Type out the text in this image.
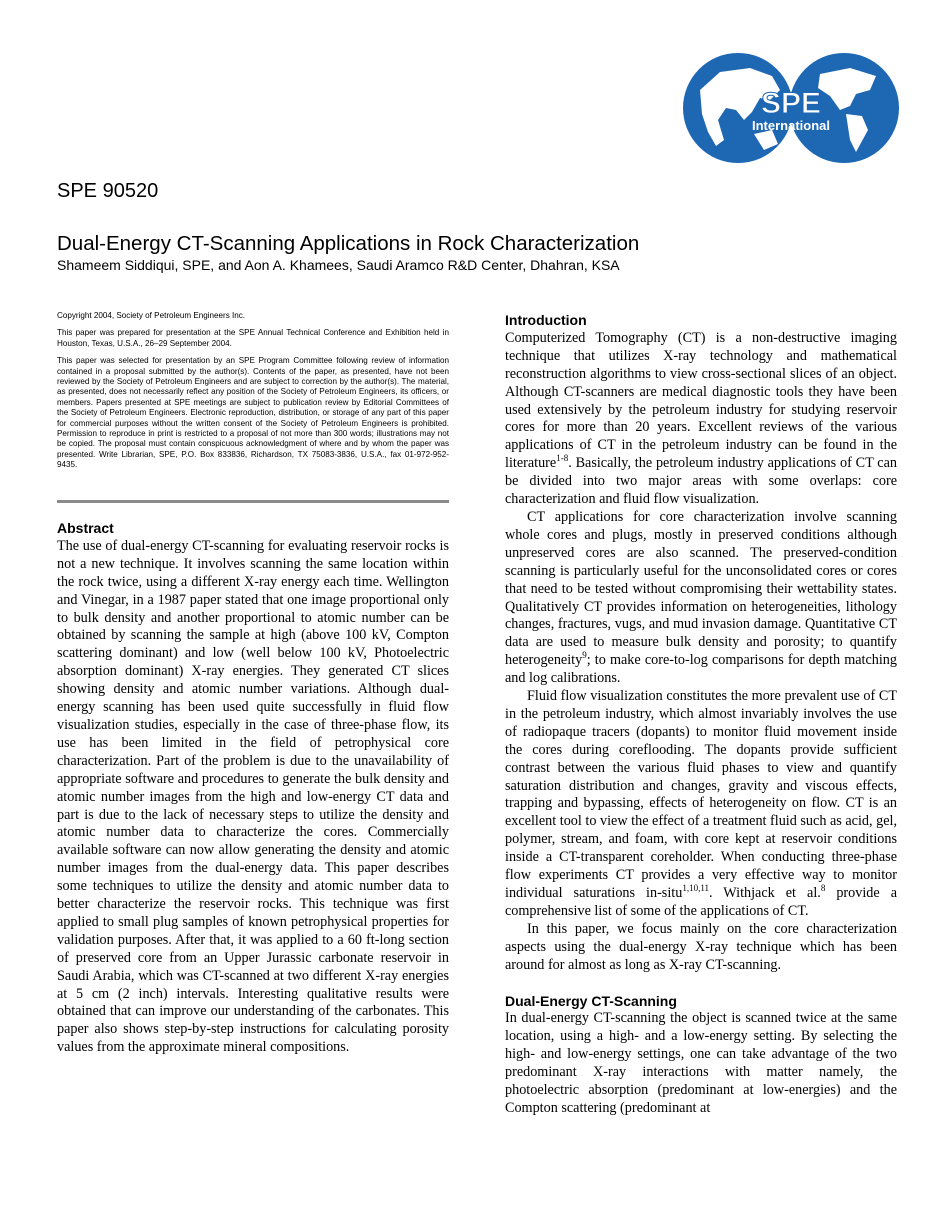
SPE
International
SPE 90520
Dual-Energy CT-Scanning Applications in Rock Characterization
Shameem Siddiqui, SPE, and Aon A. Khamees, Saudi Aramco R&D Center, Dhahran, KSA

Copyright 2004, Society of Petroleum Engineers Inc.

This paper was prepared for presentation at the SPE Annual Technical Conference and Exhibition held in Houston, Texas, U.S.A., 26–29 September 2004.

This paper was selected for presentation by an SPE Program Committee following review of information contained in a proposal submitted by the author(s). Contents of the paper, as presented, have not been reviewed by the Society of Petroleum Engineers and are subject to correction by the author(s). The material, as presented, does not necessarily reflect any position of the Society of Petroleum Engineers, its officers, or members. Papers presented at SPE meetings are subject to publication review by Editorial Committees of the Society of Petroleum Engineers. Electronic reproduction, distribution, or storage of any part of this paper for commercial purposes without the written consent of the Society of Petroleum Engineers is prohibited. Permission to reproduce in print is restricted to a proposal of not more than 300 words; illustrations may not be copied. The proposal must contain conspicuous acknowledgment of where and by whom the paper was presented. Write Librarian, SPE, P.O. Box 833836, Richardson, TX 75083-3836, U.S.A., fax 01-972-952-9435.

Abstract

The use of dual-energy CT-scanning for evaluating reservoir rocks is not a new technique. It involves scanning the same location within the rock twice, using a different X-ray energy each time. Wellington and Vinegar, in a 1987 paper stated that one image proportional only to bulk density and another proportional to atomic number can be obtained by scanning the sample at high (above 100 kV, Compton scattering dominant) and low (well below 100 kV, Photoelectric absorption dominant) X-ray energies. They generated CT slices showing density and atomic number variations. Although dual-energy scanning has been used quite successfully in fluid flow visualization studies, especially in the case of three-phase flow, its use has been limited in the field of petrophysical core characterization. Part of the problem is due to the unavailability of appropriate software and procedures to generate the bulk density and atomic number images from the high and low-energy CT data and part is due to the lack of necessary steps to utilize the density and atomic number data to characterize the cores. Commercially available software can now allow generating the density and atomic number images from the dual-energy data. This paper describes some techniques to utilize the density and atomic number data to better characterize the reservoir rocks. This technique was first applied to small plug samples of known petrophysical properties for validation purposes. After that, it was applied to a 60 ft-long section of preserved core from an Upper Jurassic carbonate reservoir in Saudi Arabia, which was CT-scanned at two different X-ray energies at 5 cm (2 inch) intervals. Interesting qualitative results were obtained that can improve our understanding of the carbonates. This paper also shows step-by-step instructions for calculating porosity values from the approximate mineral compositions.

Introduction

Computerized Tomography (CT) is a non-destructive imaging technique that utilizes X-ray technology and mathematical reconstruction algorithms to view cross-sectional slices of an object. Although CT-scanners are medical diagnostic tools they have been used extensively by the petroleum industry for studying reservoir cores for more than 20 years. Excellent reviews of the various applications of CT in the petroleum industry can be found in the literature$^{1-8}$. Basically, the petroleum industry applications of CT can be divided into two major areas with some overlaps: core characterization and fluid flow visualization.

CT applications for core characterization involve scanning whole cores and plugs, mostly in preserved conditions although unpreserved cores are also scanned. The preserved-condition scanning is particularly useful for the unconsolidated cores or cores that need to be tested without compromising their wettability states. Qualitatively CT provides information on heterogeneities, lithology changes, fractures, vugs, and mud invasion damage. Quantitative CT data are used to measure bulk density and porosity; to quantify heterogeneity$^9$; to make core-to-log comparisons for depth matching and log calibrations.

Fluid flow visualization constitutes the more prevalent use of CT in the petroleum industry, which almost invariably involves the use of radiopaque tracers (dopants) to monitor fluid movement inside the cores during coreflooding. The dopants provide sufficient contrast between the various fluid phases to view and quantify saturation distribution and changes, gravity and viscous effects, trapping and bypassing, effects of heterogeneity on flow. CT is an excellent tool to view the effect of a treatment fluid such as acid, gel, polymer, stream, and foam, with core kept at reservoir conditions inside a CT-transparent coreholder. When conducting three-phase flow experiments CT provides a very effective way to monitor individual saturations in-situ$^{1,10,11}$. Withjack et al.$^8$ provide a comprehensive list of some of the applications of CT.

In this paper, we focus mainly on the core characterization aspects using the dual-energy X-ray technique which has been around for almost as long as X-ray CT-scanning.

Dual-Energy CT-Scanning

In dual-energy CT-scanning the object is scanned twice at the same location, using a high- and a low-energy setting. By selecting the high- and low-energy settings, one can take advantage of the two predominant X-ray interactions with matter namely, the photoelectric absorption (predominant at low-energies) and the Compton scattering (predominant at
